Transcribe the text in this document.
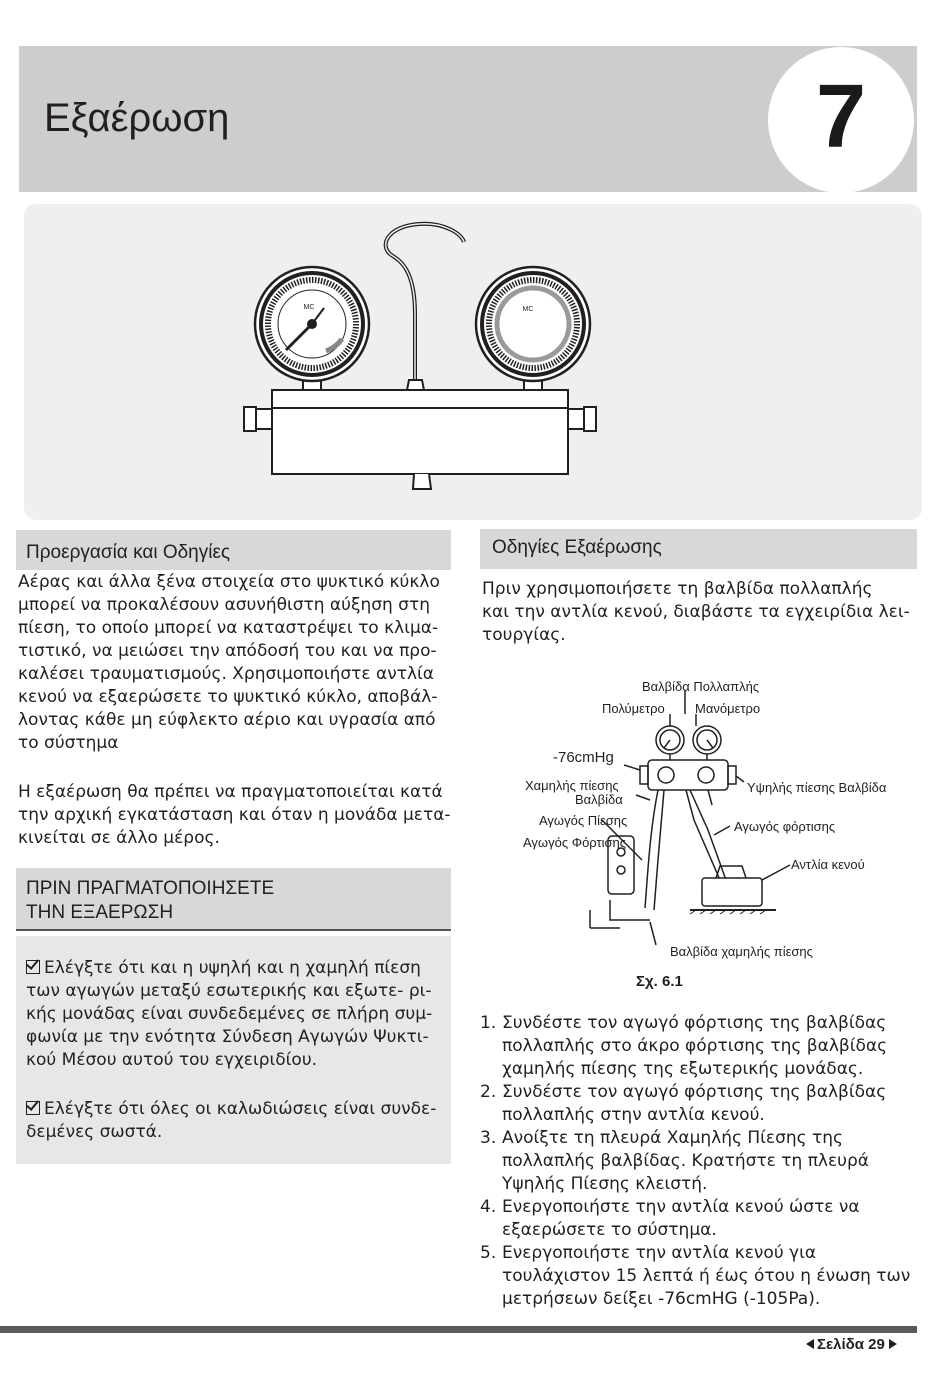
Εξαέρωση	7
MC	MC
Προεργασία και Οδηγίες
Αέρας και άλλα ξένα στοιχεία στο ψυκτικό κύκλο
μπορεί να προκαλέσουν ασυνήθιστη αύξηση στη
πίεση, το οποίο μπορεί να καταστρέψει το κλιμα-
τιστικό, να μειώσει την απόδοσή του και να προ-
καλέσει τραυματισμούς. Χρησιμοποιήστε αντλία
κενού να εξαερώσετε το ψυκτικό κύκλο, αποβάλ-
λοντας κάθε μη εύφλεκτο αέριο και υγρασία από
το σύστημα
Η εξαέρωση θα πρέπει να πραγματοποιείται κατά
την αρχική εγκατάσταση και όταν η μονάδα μετα-
κινείται σε άλλο μέρος.
ΠΡΙΝ ΠΡΑΓΜΑΤΟΠΟΙΗΣΕΤΕ
ΤΗΝ ΕΞΑΕΡΩΣΗ
Ελέγξτε ότι και η υψηλή και η χαμηλή πίεση
των αγωγών μεταξύ εσωτερικής και εξωτε- ρι-
κής μονάδας είναι συνδεδεμένες σε πλήρη συμ-
φωνία με την ενότητα Σύνδεση Αγωγών Ψυκτι-
κού Μέσου αυτού του εγχειριδίου.
Ελέγξτε ότι όλες οι καλωδιώσεις είναι συνδε-
δεμένες σωστά.
Οδηγίες Εξαέρωσης
Πριν χρησιμοποιήσετε τη βαλβίδα πολλαπλής
και την αντλία κενού, διαβάστε τα εγχειρίδια λει-
τουργίας.
Βαλβίδα Πολλαπλής
Πολύμετρο Μανόμετρο
-76cmHg
Χαμηλής πίεσης
Βαλβίδα
Υψηλής πίεσης Βαλβίδα
Αγωγός Πίεσης	Αγωγός φόρτισης
Αγωγός Φόρτισης
Αντλία κενού
Βαλβίδα χαμηλής πίεσης
Σχ. 6.1
1. Συνδέστε τον αγωγό φόρτισης της βαλβίδας
πολλαπλής στο άκρο φόρτισης της βαλβίδας
χαμηλής πίεσης της εξωτερικής μονάδας.
2. Συνδέστε τον αγωγό φόρτισης της βαλβίδας
πολλαπλής στην αντλία κενού.
3. Ανοίξτε τη πλευρά Χαμηλής Πίεσης της
πολλαπλής βαλβίδας. Κρατήστε τη πλευρά
Υψηλής Πίεσης κλειστή.
4. Ενεργοποιήστε την αντλία κενού ώστε να
εξαερώσετε το σύστημα.
5. Ενεργοποιήστε την αντλία κενού για
τουλάχιστον 15 λεπτά ή έως ότου η ένωση των
μετρήσεων δείξει -76cmHG (-105Pa).
Σελίδα 29
